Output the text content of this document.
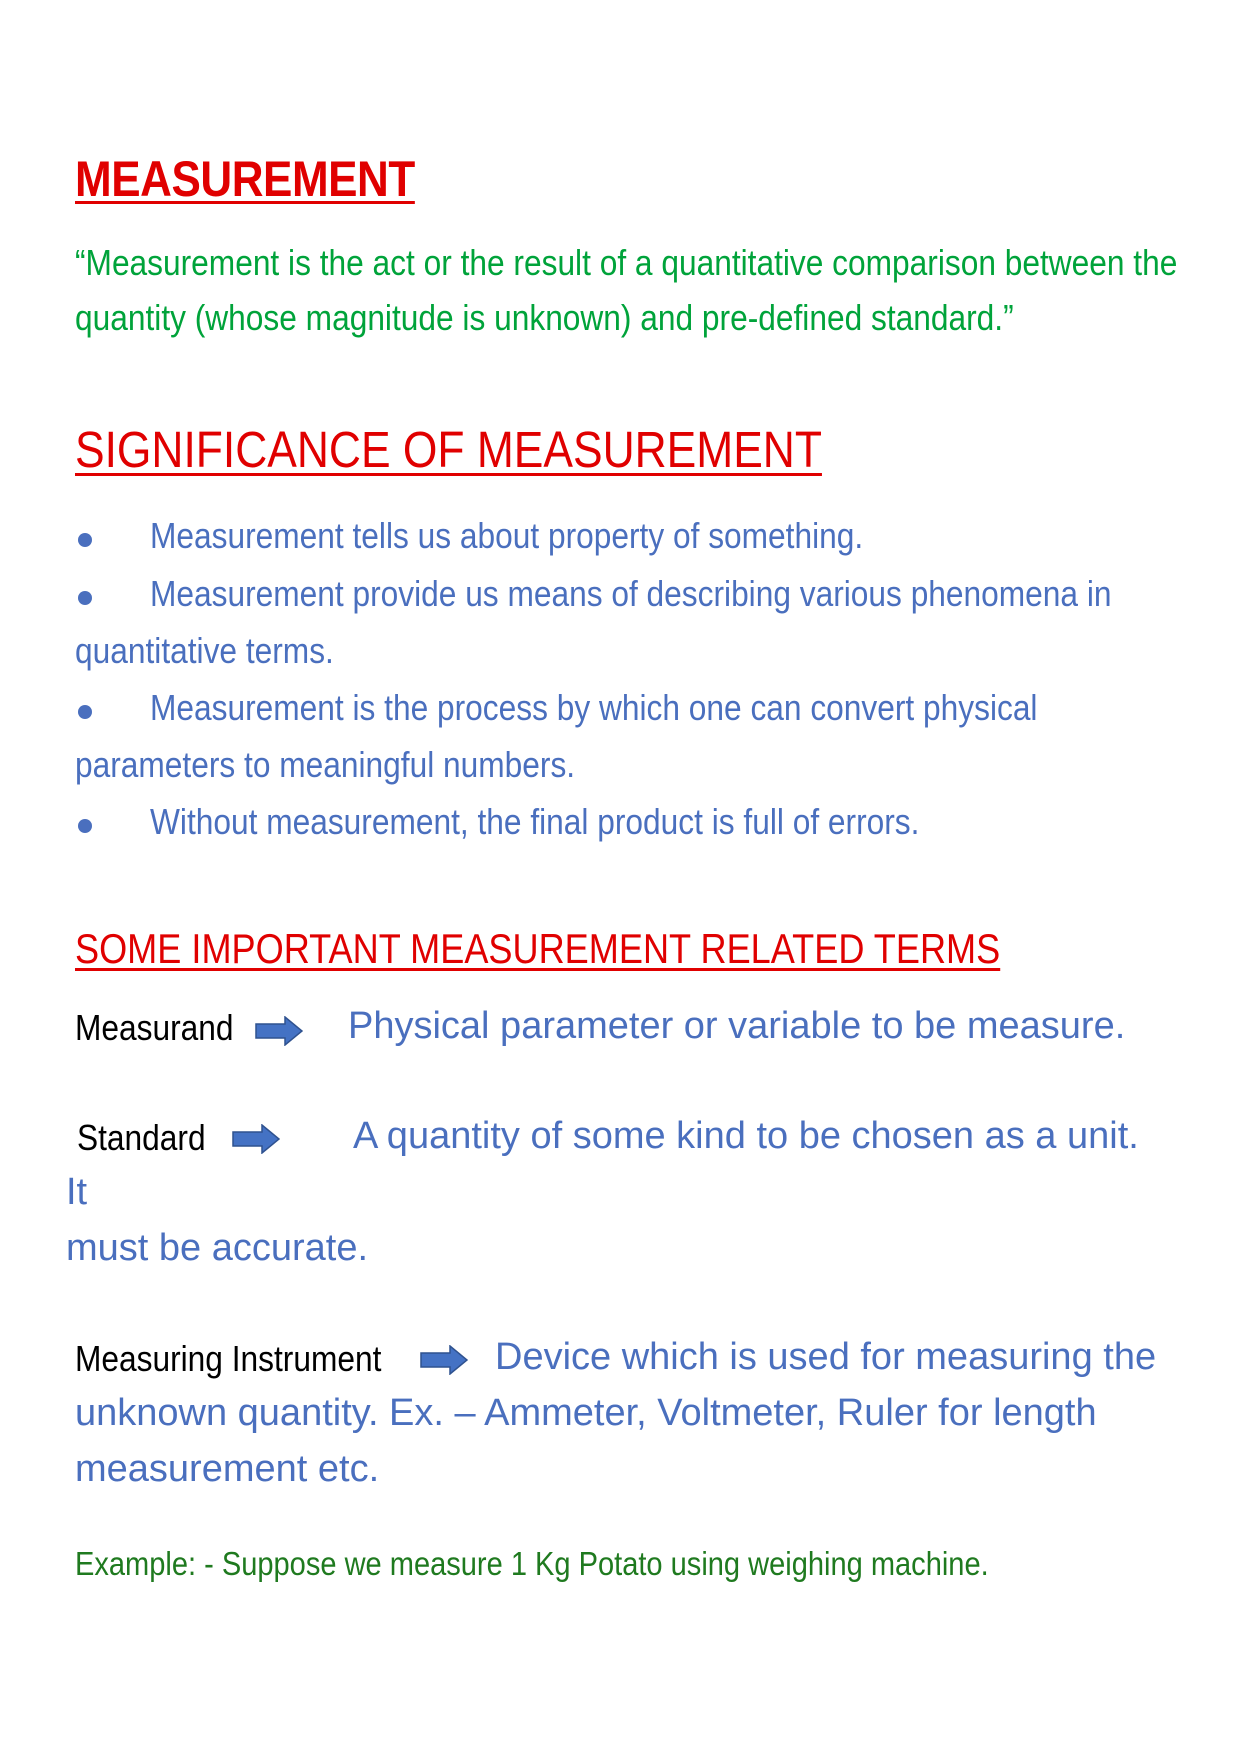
MEASUREMENT
“Measurement is the act or the result of a quantitative comparison between the
quantity (whose magnitude is unknown) and pre-defined standard.”
SIGNIFICANCE OF MEASUREMENT
Measurement tells us about property of something.
Measurement provide us means of describing various phenomena in
quantitative terms.
Measurement is the process by which one can convert physical
parameters to meaningful numbers.
Without measurement, the final product is full of errors.
SOME IMPORTANT MEASUREMENT RELATED TERMS
Measurand	Physical parameter or variable to be measure.
Standard	A quantity of some kind to be chosen as a unit.
It
must be accurate.
Measuring Instrument	Device which is used for measuring the
unknown quantity. Ex. – Ammeter, Voltmeter, Ruler for length
measurement etc.
Example: - Suppose we measure 1 Kg Potato using weighing machine.
